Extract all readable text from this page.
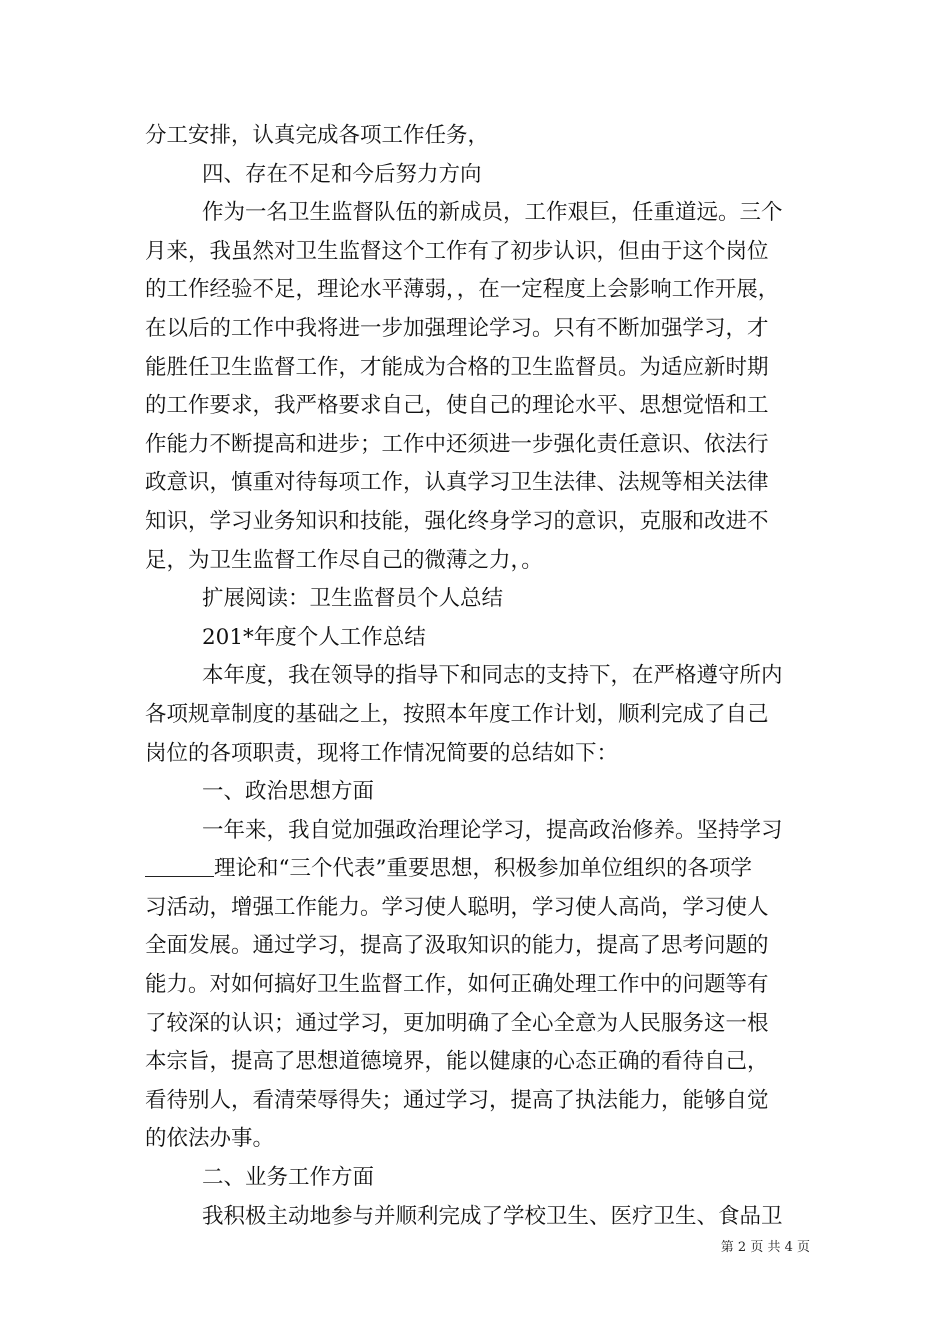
分工安排，认真完成各项工作任务，
四、存在不足和今后努力方向
作为一名卫生监督队伍的新成员，工作艰巨，任重道远。三个
月来，我虽然对卫生监督这个工作有了初步认识，但由于这个岗位
的工作经验不足，理论水平薄弱，，在一定程度上会影响工作开展，
在以后的工作中我将进一步加强理论学习。只有不断加强学习，才
能胜任卫生监督工作，才能成为合格的卫生监督员。为适应新时期
的工作要求，我严格要求自己，使自己的理论水平、思想觉悟和工
作能力不断提高和进步；工作中还须进一步强化责任意识、依法行
政意识，慎重对待每项工作，认真学习卫生法律、法规等相关法律
知识，学习业务知识和技能，强化终身学习的意识，克服和改进不
足，为卫生监督工作尽自己的微薄之力，。
扩展阅读：卫生监督员个人总结
201*年度个人工作总结
本年度，我在领导的指导下和同志的支持下，在严格遵守所内
各项规章制度的基础之上，按照本年度工作计划，顺利完成了自己
岗位的各项职责，现将工作情况简要的总结如下：
一、政治思想方面
一年来，我自觉加强政治理论学习，提高政治修养。坚持学习
理论和“三个代表”重要思想，积极参加单位组织的各项学
习活动，增强工作能力。学习使人聪明，学习使人高尚，学习使人
全面发展。通过学习，提高了汲取知识的能力，提高了思考问题的
能力。对如何搞好卫生监督工作，如何正确处理工作中的问题等有
了较深的认识；通过学习，更加明确了全心全意为人民服务这一根
本宗旨，提高了思想道德境界，能以健康的心态正确的看待自己，
看待别人，看清荣辱得失；通过学习，提高了执法能力，能够自觉
的依法办事。
二、业务工作方面
我积极主动地参与并顺利完成了学校卫生、医疗卫生、食品卫
第 2 页 共 4 页
